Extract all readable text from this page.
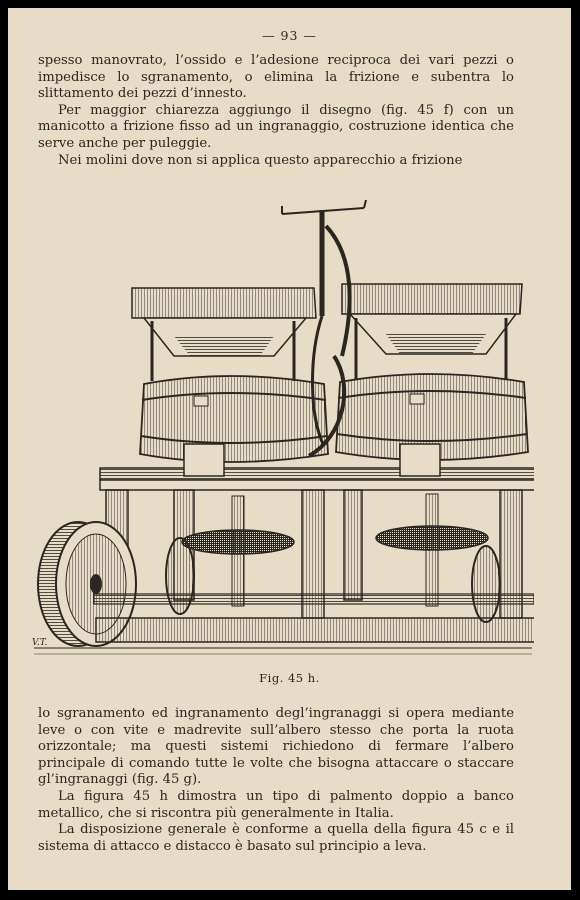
— 93 —

spesso manovrato, l’ossido e l’adesione reciproca dei vari pezzi o impedisce lo sgranamento, o elimina la frizione e subentra lo slittamento dei pezzi d’innesto.

Per maggior chiarezza aggiungo il disegno (fig. 45 f) con un manicotto a frizione fisso ad un ingranaggio, costruzione identica che serve anche per puleggie.

Nei molini dove non si applica questo apparecchio a frizione

V.T.
Fig. 45 h.

lo sgranamento ed ingranamento degl’ingranaggi si opera mediante leve o con vite e madrevite sull’albero stesso che porta la ruota orizzontale; ma questi sistemi richiedono di fermare l’albero principale di comando tutte le volte che bisogna attaccare o staccare gl’ingranaggi (fig. 45 g).

La figura 45 h dimostra un tipo di palmento doppio a banco metallico, che si riscontra più generalmente in Italia.

La disposizione generale è conforme a quella della figura 45 c e il sistema di attacco e distacco è basato sul principio a leva.
